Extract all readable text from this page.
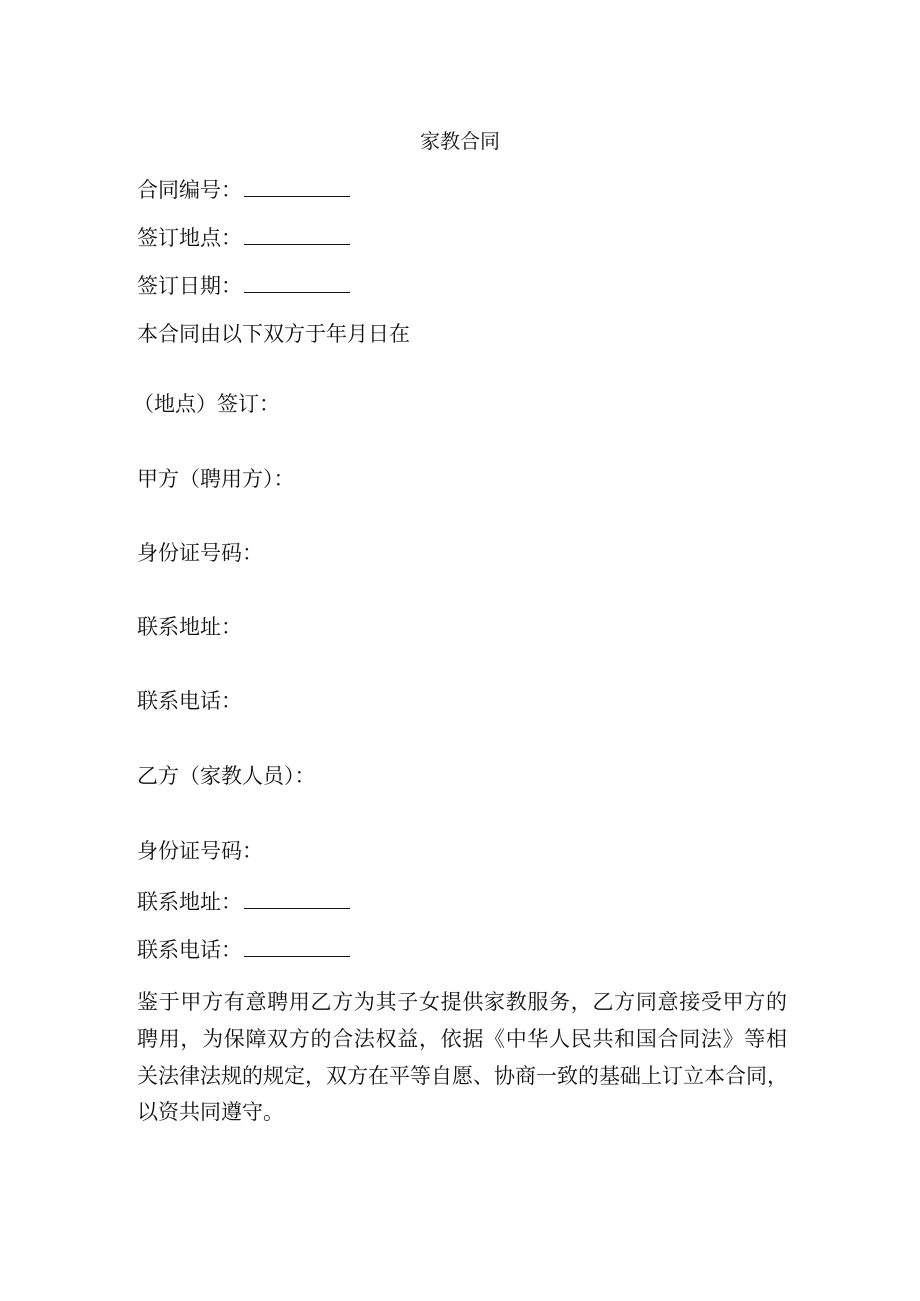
家教合同
合同编号：
签订地点：
签订日期：
本合同由以下双方于年月日在
（地点）签订：
甲方（聘用方）：
身份证号码：
联系地址：
联系电话：
乙方（家教人员）：
身份证号码：
联系地址：
联系电话：
鉴于甲方有意聘用乙方为其子女提供家教服务，乙方同意接受甲方的
聘用，为保障双方的合法权益，依据《中华人民共和国合同法》等相
关法律法规的规定，双方在平等自愿、协商一致的基础上订立本合同，
以资共同遵守。
